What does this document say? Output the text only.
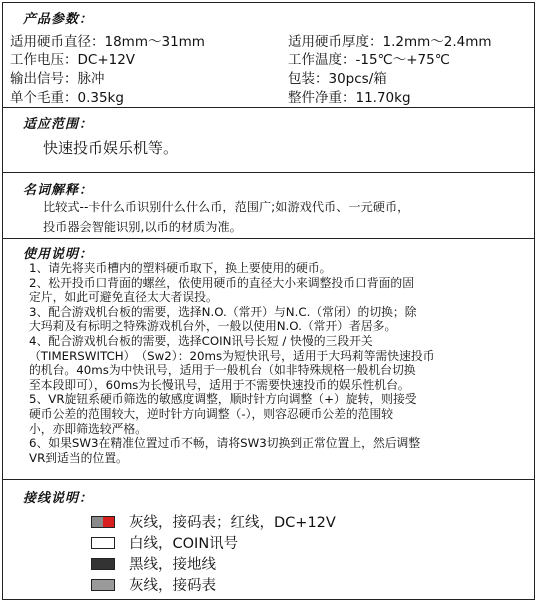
产品参数：
适用硬币直径：18mm～31mm	适用硬币厚度：1.2mm～2.4mm
工作电压：DC+12V	工作温度：-15℃～+75℃
输出信号：脉冲	包装：30pcs/箱
单个毛重：0.35kg	整件净重：11.70kg
适应范围：
快速投币娱乐机等。
名词解释：
比较式--卡什么币识别什么什么币，范围广;如游戏代币、一元硬币，
投币器会智能识别,以币的材质为准。
使用说明：
1、请先将夹币槽内的塑料硬币取下，换上要使用的硬币。
2、松开投币口背面的螺丝，依使用硬币的直径大小来调整投币口背面的固
定片，如此可避免直径太大者误投。
3、配合游戏机台板的需要，选择N.O.（常开）与N.C.（常闭）的切换；除
大玛莉及有标明之特殊游戏机台外，一般以使用N.O.（常开）者居多。
4、配合游戏机台板的需要，选择COIN讯号长短 / 快慢的三段开关
（TIMERSWITCH）　（Sw2）：20ms为短快讯号，适用于大玛莉等需快速投币
的机台。40ms为中快讯号，适用于一般机台（如非特殊规格一般机台切换
至本段即可），60ms为长慢讯号，适用于不需要快速投币的娱乐性机台。
5、VR旋钮系硬币筛选的敏感度调整，顺时针方向调整（+）旋转，则接受
硬币公差的范围较大，逆时针方向调整（-），则容忍硬币公差的范围较
小，亦即筛选较严格。
6、如果SW3在精准位置过币不畅，请将SW3切换到正常位置上，然后调整
VR到适当的位置。
接线说明：
灰线，接码表；红线，DC+12V
白线，COIN讯号
黑线，接地线
灰线，接码表
